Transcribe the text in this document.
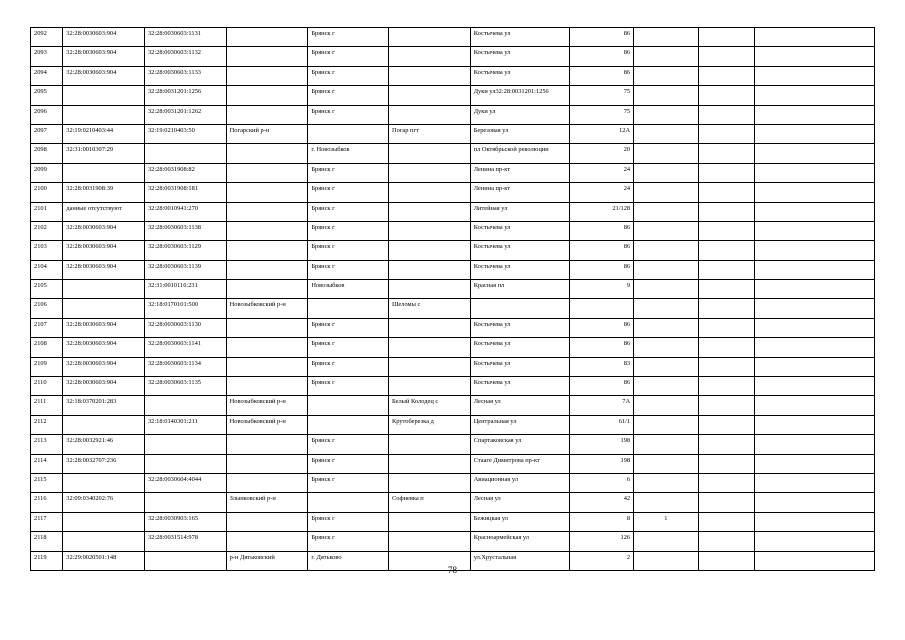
2092	32:28:0030603:904	32:28:0030603:1131		Брянск г		Костычева ул	86			
2093	32:28:0030603:904	32:28:0030603:1132		Брянск г		Костычева ул	86			
2094	32:28:0030603:904	32:28:0030603:1133		Брянск г		Костычева ул	86			
2095		32:28:0031201:1256		Брянск г		Дуки ул32:28:0031201:1256	75			
2096		32:28:0031201:1262		Брянск г		Дуки ул	75			
2097	32:19:0210403:44	32:19:0210403:50	Погарский р-н		Погар пгт	Березовая ул	12А			
2098	32:31:0010307:29			г. Новозыбков		пл Октябрьской революции	20			
2099		32:28:0031908:82		Брянск г		Ленина пр-кт	24			
2100	32:28:0031908:39	32:28:0031908:181		Брянск г		Ленина пр-кт	24			
2101	данные отсутствуют	32:28:0010941:270		Брянск г		Литейная ул	21/128			
2102	32:28:0030603:904	32:28:0030603:1138		Брянск г		Костычева ул	86			
2103	32:28:0030603:904	32:28:0030603:1129		Брянск г		Костычева ул	86			
2104	32:28:0030603:904	32:28:0030603:1139		Брянск г		Костычева ул	86			
2105		32:31:0010116:231		Новозыбков		Красная пл	9			
2106		32:18:0170101:500	Новозыбковский р-н		Шеломы с					
2107	32:28:0030603:904	32:28:0030603:1130		Брянск г		Костычева ул	86			
2108	32:28:0030603:904	32:28:0030603:1141		Брянск г		Костычева ул	86			
2109	32:28:0030603:904	32:28:0030603:1134		Брянск г		Костычева ул	83			
2110	32:28:0030603:904	32:28:0030603:1135		Брянск г		Костычева ул	86			
2111	32:18:0370201:283		Новозыбковский р-н		Белый Колодец с	Лесная ул	7А			
2112		32:18:0140301:211	Новозыбковский р-н		Крутоберезка д	Центральная ул	61/1			
2113	32:28:0032921:46			Брянск г		Спартаковская ул	198			
2114	32:28:0032707:236			Брянск г		Стааге Димитрова пр-кт	198			
2115		32:28:0030604:4044		Брянск г		Авиационная ул	6			
2116	32:09:0340202:76		Злынковский р-н		Софиевка п	Лесная ул	42			
2117		32:28:0030903:165		Брянск г		Бежицкая ул	8	1		
2118		32:28:0031514:978		Брянск г		Красноармейская ул	126			
2119	32:29:0020501:148		р-н Дятьковский	г. Дятьково		ул.Хрустальная	2			
78
